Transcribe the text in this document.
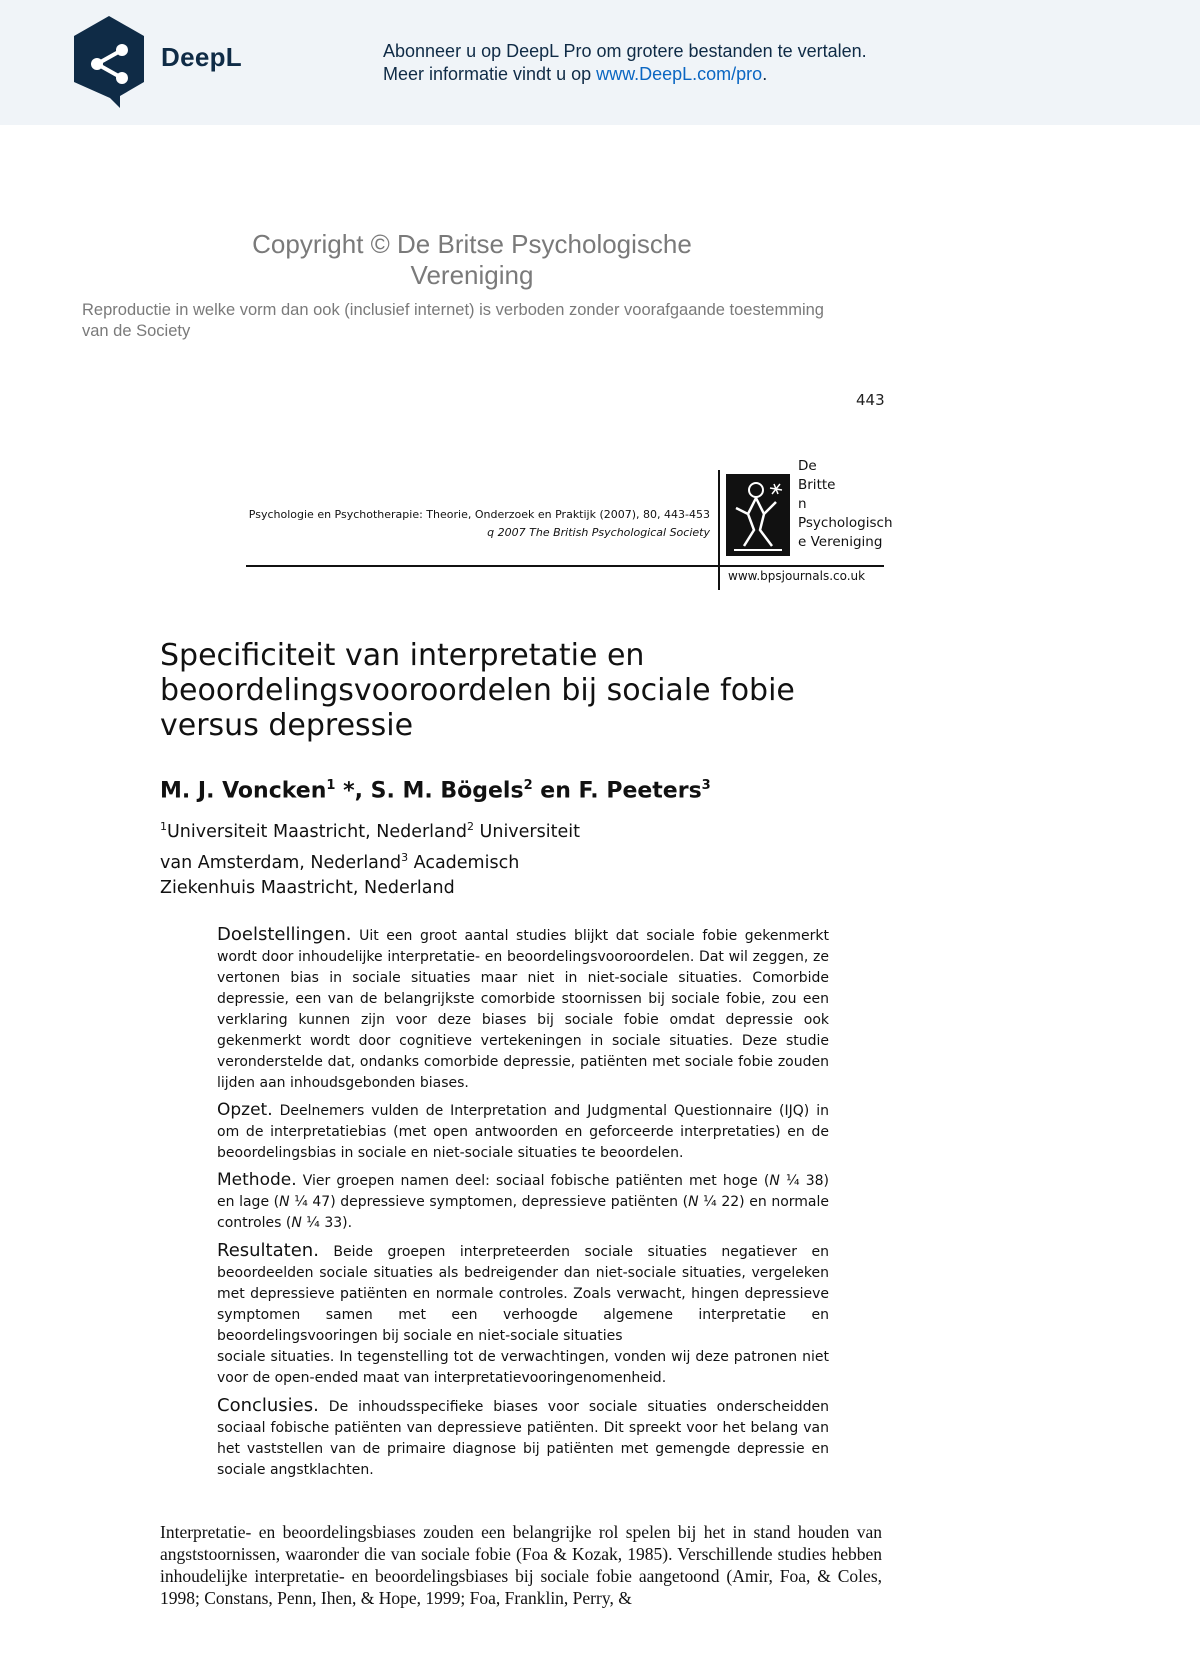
DeepL	Abonneer u op DeepL Pro om grotere bestanden te vertalen.
Meer informatie vindt u op www.DeepL.com/pro.
Copyright © De Britse Psychologische
Vereniging
Reproductie in welke vorm dan ook (inclusief internet) is verboden zonder voorafgaande toestemming
van de Society
443
Psychologie en Psychotherapie: Theorie, Onderzoek en Praktijk (2007), 80, 443-453
q 2007 The British Psychological Society
De
Britte
n
Psychologisch
e Vereniging
www.bpsjournals.co.uk
Specificiteit van interpretatie en beoordelingsvooroordelen bij sociale fobie versus depressie
M. J. Voncken$^1$ *, S. M. Bögels$^2$ en F. Peeters$^3$
$^1$Universiteit Maastricht, Nederland$^2$ Universiteit van Amsterdam, Nederland$^3$ Academisch Ziekenhuis Maastricht, Nederland

Doelstellingen. Uit een groot aantal studies blijkt dat sociale fobie gekenmerkt wordt door inhoudelijke interpretatie- en beoordelingsvooroordelen. Dat wil zeggen, ze vertonen bias in sociale situaties maar niet in niet-sociale situaties. Comorbide depressie, een van de belangrijkste comorbide stoornissen bij sociale fobie, zou een verklaring kunnen zijn voor deze biases bij sociale fobie omdat depressie ook gekenmerkt wordt door cognitieve vertekeningen in sociale situaties. Deze studie veronderstelde dat, ondanks comorbide depressie, patiënten met sociale fobie zouden lijden aan inhoudsgebonden biases.

Opzet. Deelnemers vulden de Interpretation and Judgmental Questionnaire (IJQ) in om de interpretatiebias (met open antwoorden en geforceerde interpretaties) en de beoordelingsbias in sociale en niet-sociale situaties te beoordelen.

Methode. Vier groepen namen deel: sociaal fobische patiënten met hoge (N ¼ 38) en lage (N ¼ 47) depressieve symptomen, depressieve patiënten (N ¼ 22) en normale controles (N ¼ 33).

Resultaten. Beide groepen interpreteerden sociale situaties negatiever en beoordeelden sociale situaties als bedreigender dan niet-sociale situaties, vergeleken met depressieve patiënten en normale controles. Zoals verwacht, hingen depressieve symptomen samen met een verhoogde algemene interpretatie en beoordelingsvooringen bij sociale en niet-sociale situaties

sociale situaties. In tegenstelling tot de verwachtingen, vonden wij deze patronen niet voor de open-ended maat van interpretatievooringenomenheid.

Conclusies. De inhoudsspecifieke biases voor sociale situaties onderscheidden sociaal fobische patiënten van depressieve patiënten. Dit spreekt voor het belang van het vaststellen van de primaire diagnose bij patiënten met gemengde depressie en sociale angstklachten.

Interpretatie- en beoordelingsbiases zouden een belangrijke rol spelen bij het in stand houden van angststoornissen, waaronder die van sociale fobie (Foa & Kozak, 1985). Verschillende studies hebben inhoudelijke interpretatie- en beoordelingsbiases bij sociale fobie aangetoond (Amir, Foa, & Coles, 1998; Constans, Penn, Ihen, & Hope, 1999; Foa, Franklin, Perry, &
